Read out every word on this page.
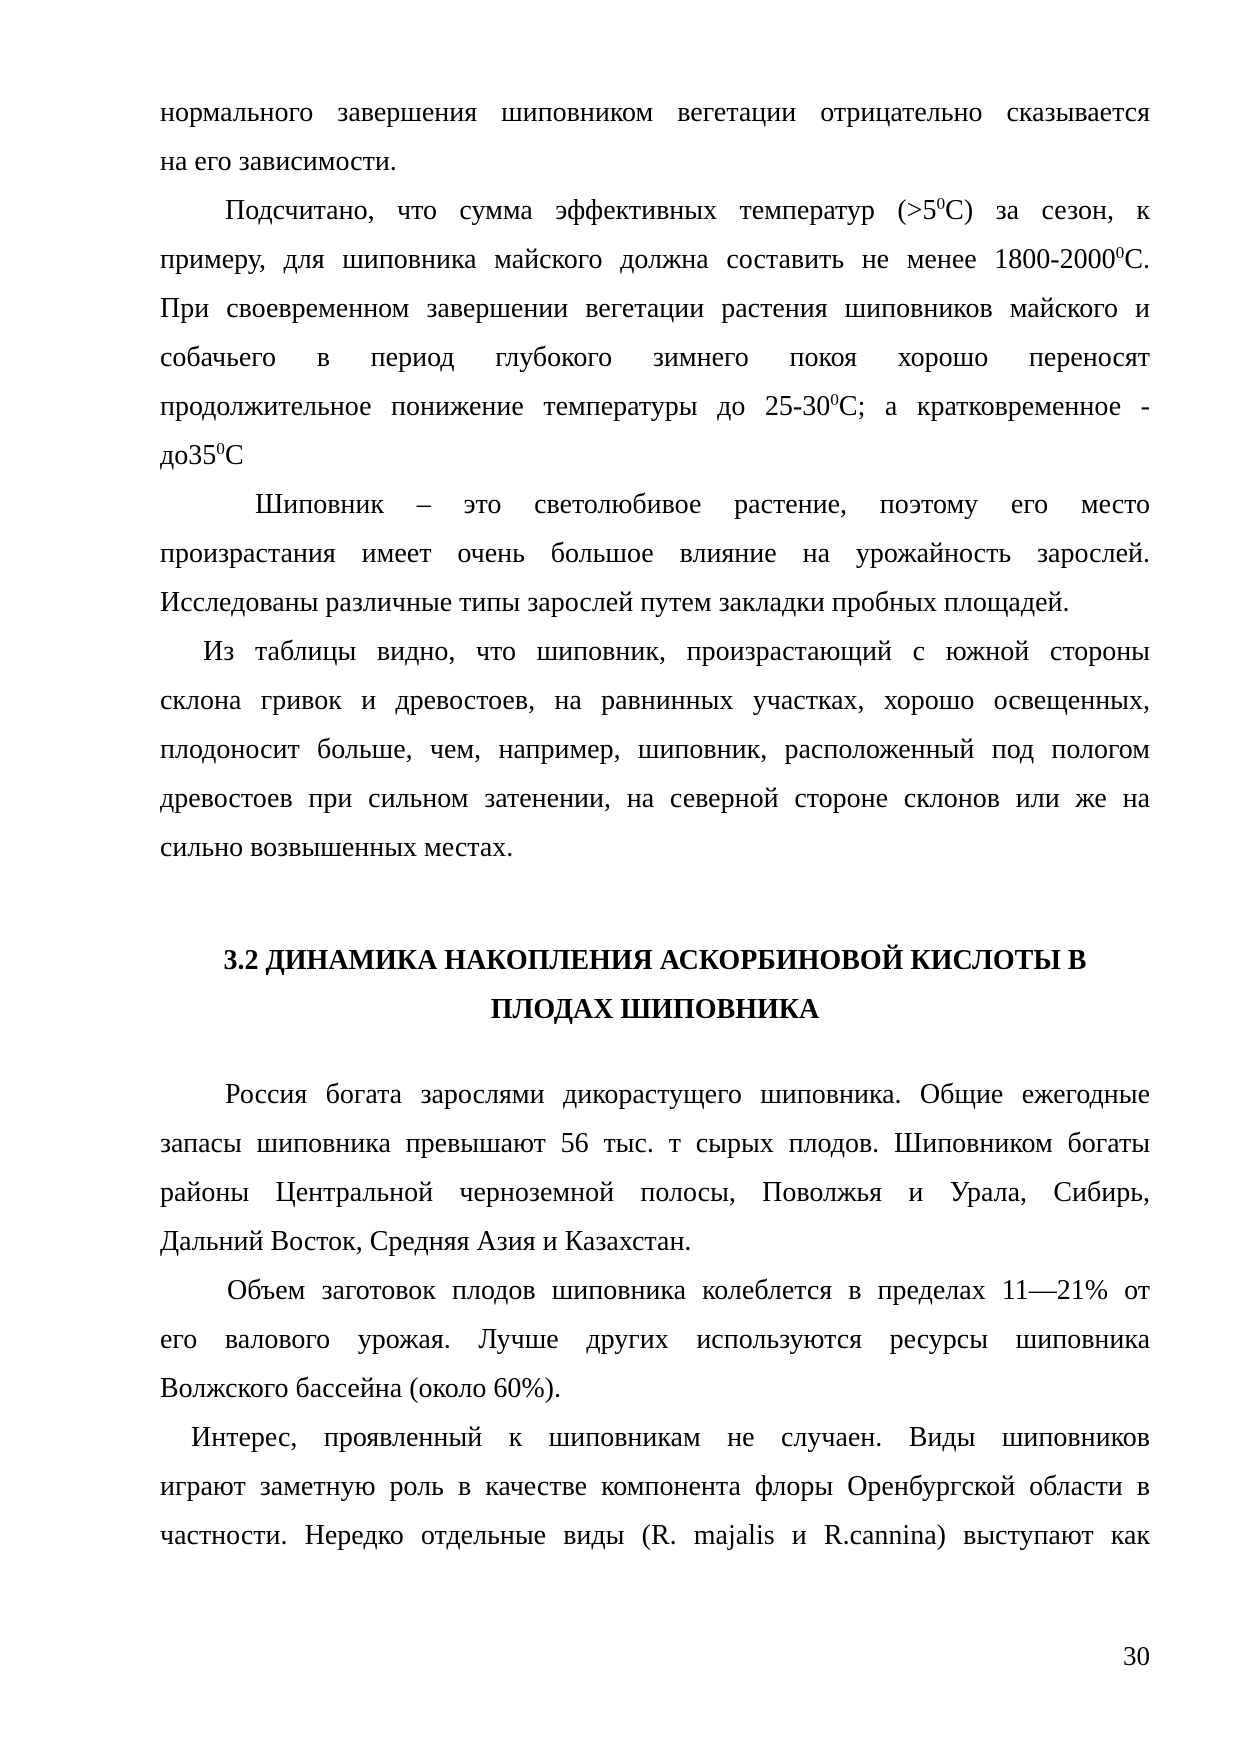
нормального завершения шиповником вегетации отрицательно сказывается
на его зависимости.
Подсчитано, что сумма эффективных температур $(>5^0С)$ за сезон, к
примеру, для шиповника майского должна составить не менее 1800-2000$^0$С.
При своевременном завершении вегетации растения шиповников майского и
собачьего в период глубокого зимнего покоя хорошо переносят
продолжительное понижение температуры до $25-30^0С$; а кратковременное -
$до35^0С$
Шиповник – это светолюбивое растение, поэтому его место
произрастания имеет очень большое влияние на урожайность зарослей.
Исследованы различные типы зарослей путем закладки пробных площадей.
Из таблицы видно, что шиповник, произрастающий с южной стороны
склона гривок и древостоев, на равнинных участках, хорошо освещенных,
плодоносит больше, чем, например, шиповник, расположенный под пологом
древостоев при сильном затенении, на северной стороне склонов или же на
сильно возвышенных местах.
3.2 ДИНАМИКА НАКОПЛЕНИЯ АСКОРБИНОВОЙ КИСЛОТЫ В
ПЛОДАХ ШИПОВНИКА
Россия богата зарослями дикорастущего шиповника. Общие ежегодные
запасы шиповника превышают 56 тыс. т сырых плодов. Шиповником богаты
районы Центральной черноземной полосы, Поволжья и Урала, Сибирь,
Дальний Восток, Средняя Азия и Казахстан.
Объем заготовок плодов шиповника колеблется в пределах 11—21% от
его валового урожая. Лучше других используются ресурсы шиповника
Волжского бассейна (около 60%).
Интерес, проявленный к шиповникам не случаен. Виды шиповников
играют заметную роль в качестве компонента флоры Оренбургской области в
частности. Нередко отдельные виды (R. majalis и R.cannina) выступают как
30
